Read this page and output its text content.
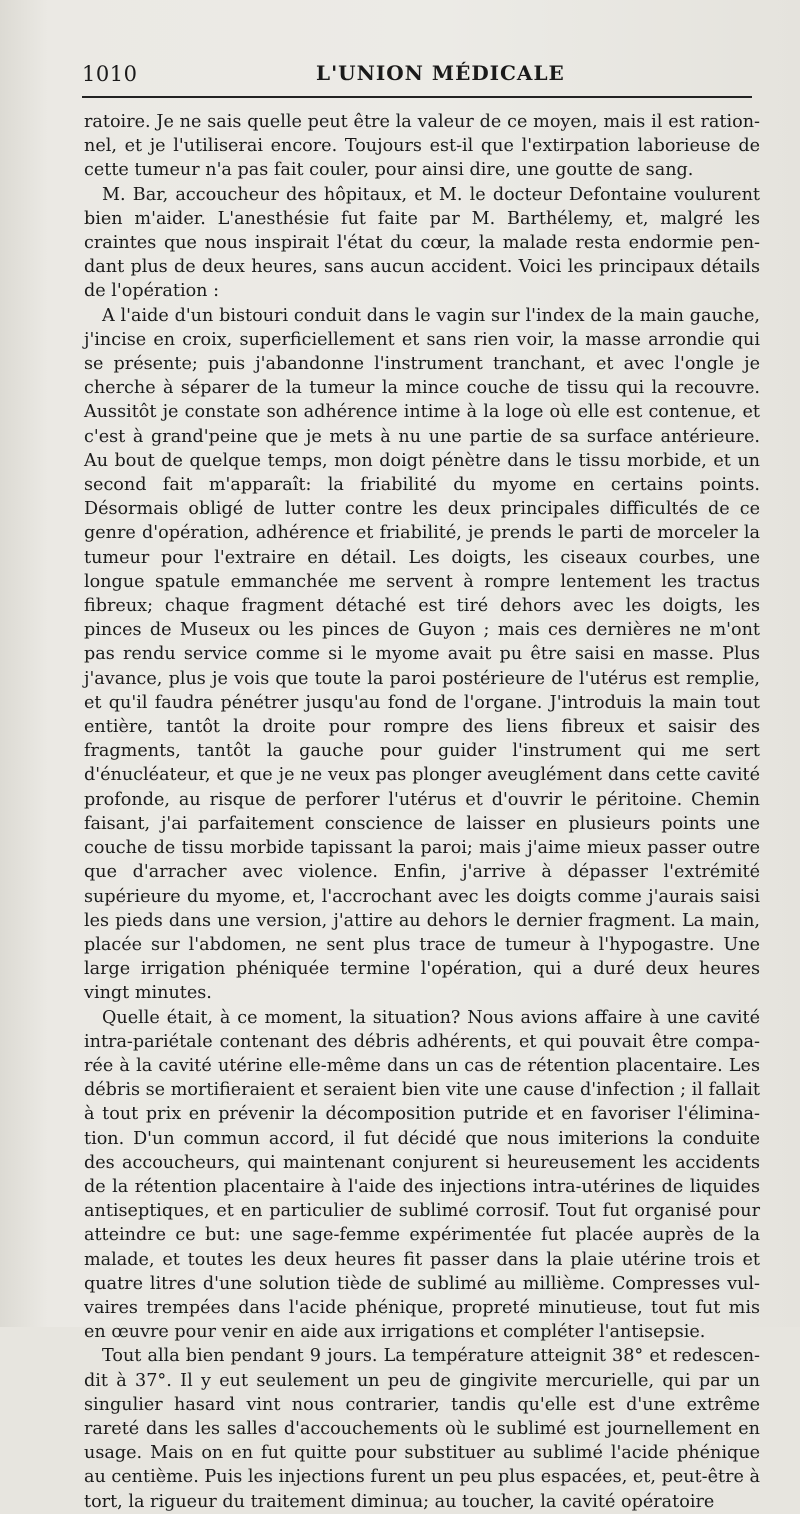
1010	L'UNION MÉDICALE

ratoire. Je ne sais quelle peut être la valeur de ce moyen, mais il est rationnel, et je l'utiliserai encore. Toujours est-il que l'extirpation laborieuse de cette tumeur n'a pas fait couler, pour ainsi dire, une goutte de sang.

M. Bar, accoucheur des hôpitaux, et M. le docteur Defontaine voulurent bien m'aider. L'anesthésie fut faite par M. Barthélemy, et, malgré les craintes que nous inspirait l'état du cœur, la malade resta endormie pendant plus de deux heures, sans aucun accident. Voici les principaux détails de l'opération :

A l'aide d'un bistouri conduit dans le vagin sur l'index de la main gauche, j'incise en croix, superficiellement et sans rien voir, la masse arrondie qui se présente; puis j'abandonne l'instrument tranchant, et avec l'ongle je cherche à séparer de la tumeur la mince couche de tissu qui la recouvre. Aussitôt je constate son adhérence intime à la loge où elle est contenue, et c'est à grand'peine que je mets à nu une partie de sa surface antérieure. Au bout de quelque temps, mon doigt pénètre dans le tissu morbide, et un second fait m'apparaît: la friabilité du myome en certains points. Désormais obligé de lutter contre les deux principales difficultés de ce genre d'opération, adhérence et friabilité, je prends le parti de morceler la tumeur pour l'extraire en détail. Les doigts, les ciseaux courbes, une longue spatule emmanchée me servent à rompre lentement les tractus fibreux; chaque fragment détaché est tiré dehors avec les doigts, les pinces de Museux ou les pinces de Guyon ; mais ces dernières ne m'ont pas rendu service comme si le myome avait pu être saisi en masse. Plus j'avance, plus je vois que toute la paroi postérieure de l'utérus est remplie, et qu'il faudra pénétrer jusqu'au fond de l'organe. J'introduis la main tout entière, tantôt la droite pour rompre des liens fibreux et saisir des fragments, tantôt la gauche pour guider l'instrument qui me sert d'énucléateur, et que je ne veux pas plonger aveuglément dans cette cavité profonde, au risque de perforer l'utérus et d'ouvrir le péritoine. Chemin faisant, j'ai parfaitement conscience de laisser en plusieurs points une couche de tissu morbide tapissant la paroi; mais j'aime mieux passer outre que d'arracher avec violence. Enfin, j'arrive à dépasser l'extrémité supérieure du myome, et, l'accrochant avec les doigts comme j'aurais saisi les pieds dans une version, j'attire au dehors le dernier fragment. La main, placée sur l'abdomen, ne sent plus trace de tumeur à l'hypogastre. Une large irrigation phéniquée termine l'opération, qui a duré deux heures vingt minutes.

Quelle était, à ce moment, la situation? Nous avions affaire à une cavité intra-pariétale contenant des débris adhérents, et qui pouvait être comparée à la cavité utérine elle-même dans un cas de rétention placentaire. Les débris se mortifieraient et seraient bien vite une cause d'infection ; il fallait à tout prix en prévenir la décomposition putride et en favoriser l'élimination. D'un commun accord, il fut décidé que nous imiterions la conduite des accoucheurs, qui maintenant conjurent si heureusement les accidents de la rétention placentaire à l'aide des injections intra-utérines de liquides antiseptiques, et en particulier de sublimé corrosif. Tout fut organisé pour atteindre ce but: une sage-femme expérimentée fut placée auprès de la malade, et toutes les deux heures fit passer dans la plaie utérine trois et quatre litres d'une solution tiède de sublimé au millième. Compresses vulvaires trempées dans l'acide phénique, propreté minutieuse, tout fut mis en œuvre pour venir en aide aux irrigations et compléter l'antisepsie.

Tout alla bien pendant 9 jours. La température atteignit 38° et redescendit à 37°. Il y eut seulement un peu de gingivite mercurielle, qui par un singulier hasard vint nous contrarier, tandis qu'elle est d'une extrême rareté dans les salles d'accouchements où le sublimé est journellement en usage. Mais on en fut quitte pour substituer au sublimé l'acide phénique au centième. Puis les injections furent un peu plus espacées, et, peut-être à tort, la rigueur du traitement diminua; au toucher, la cavité opératoire
